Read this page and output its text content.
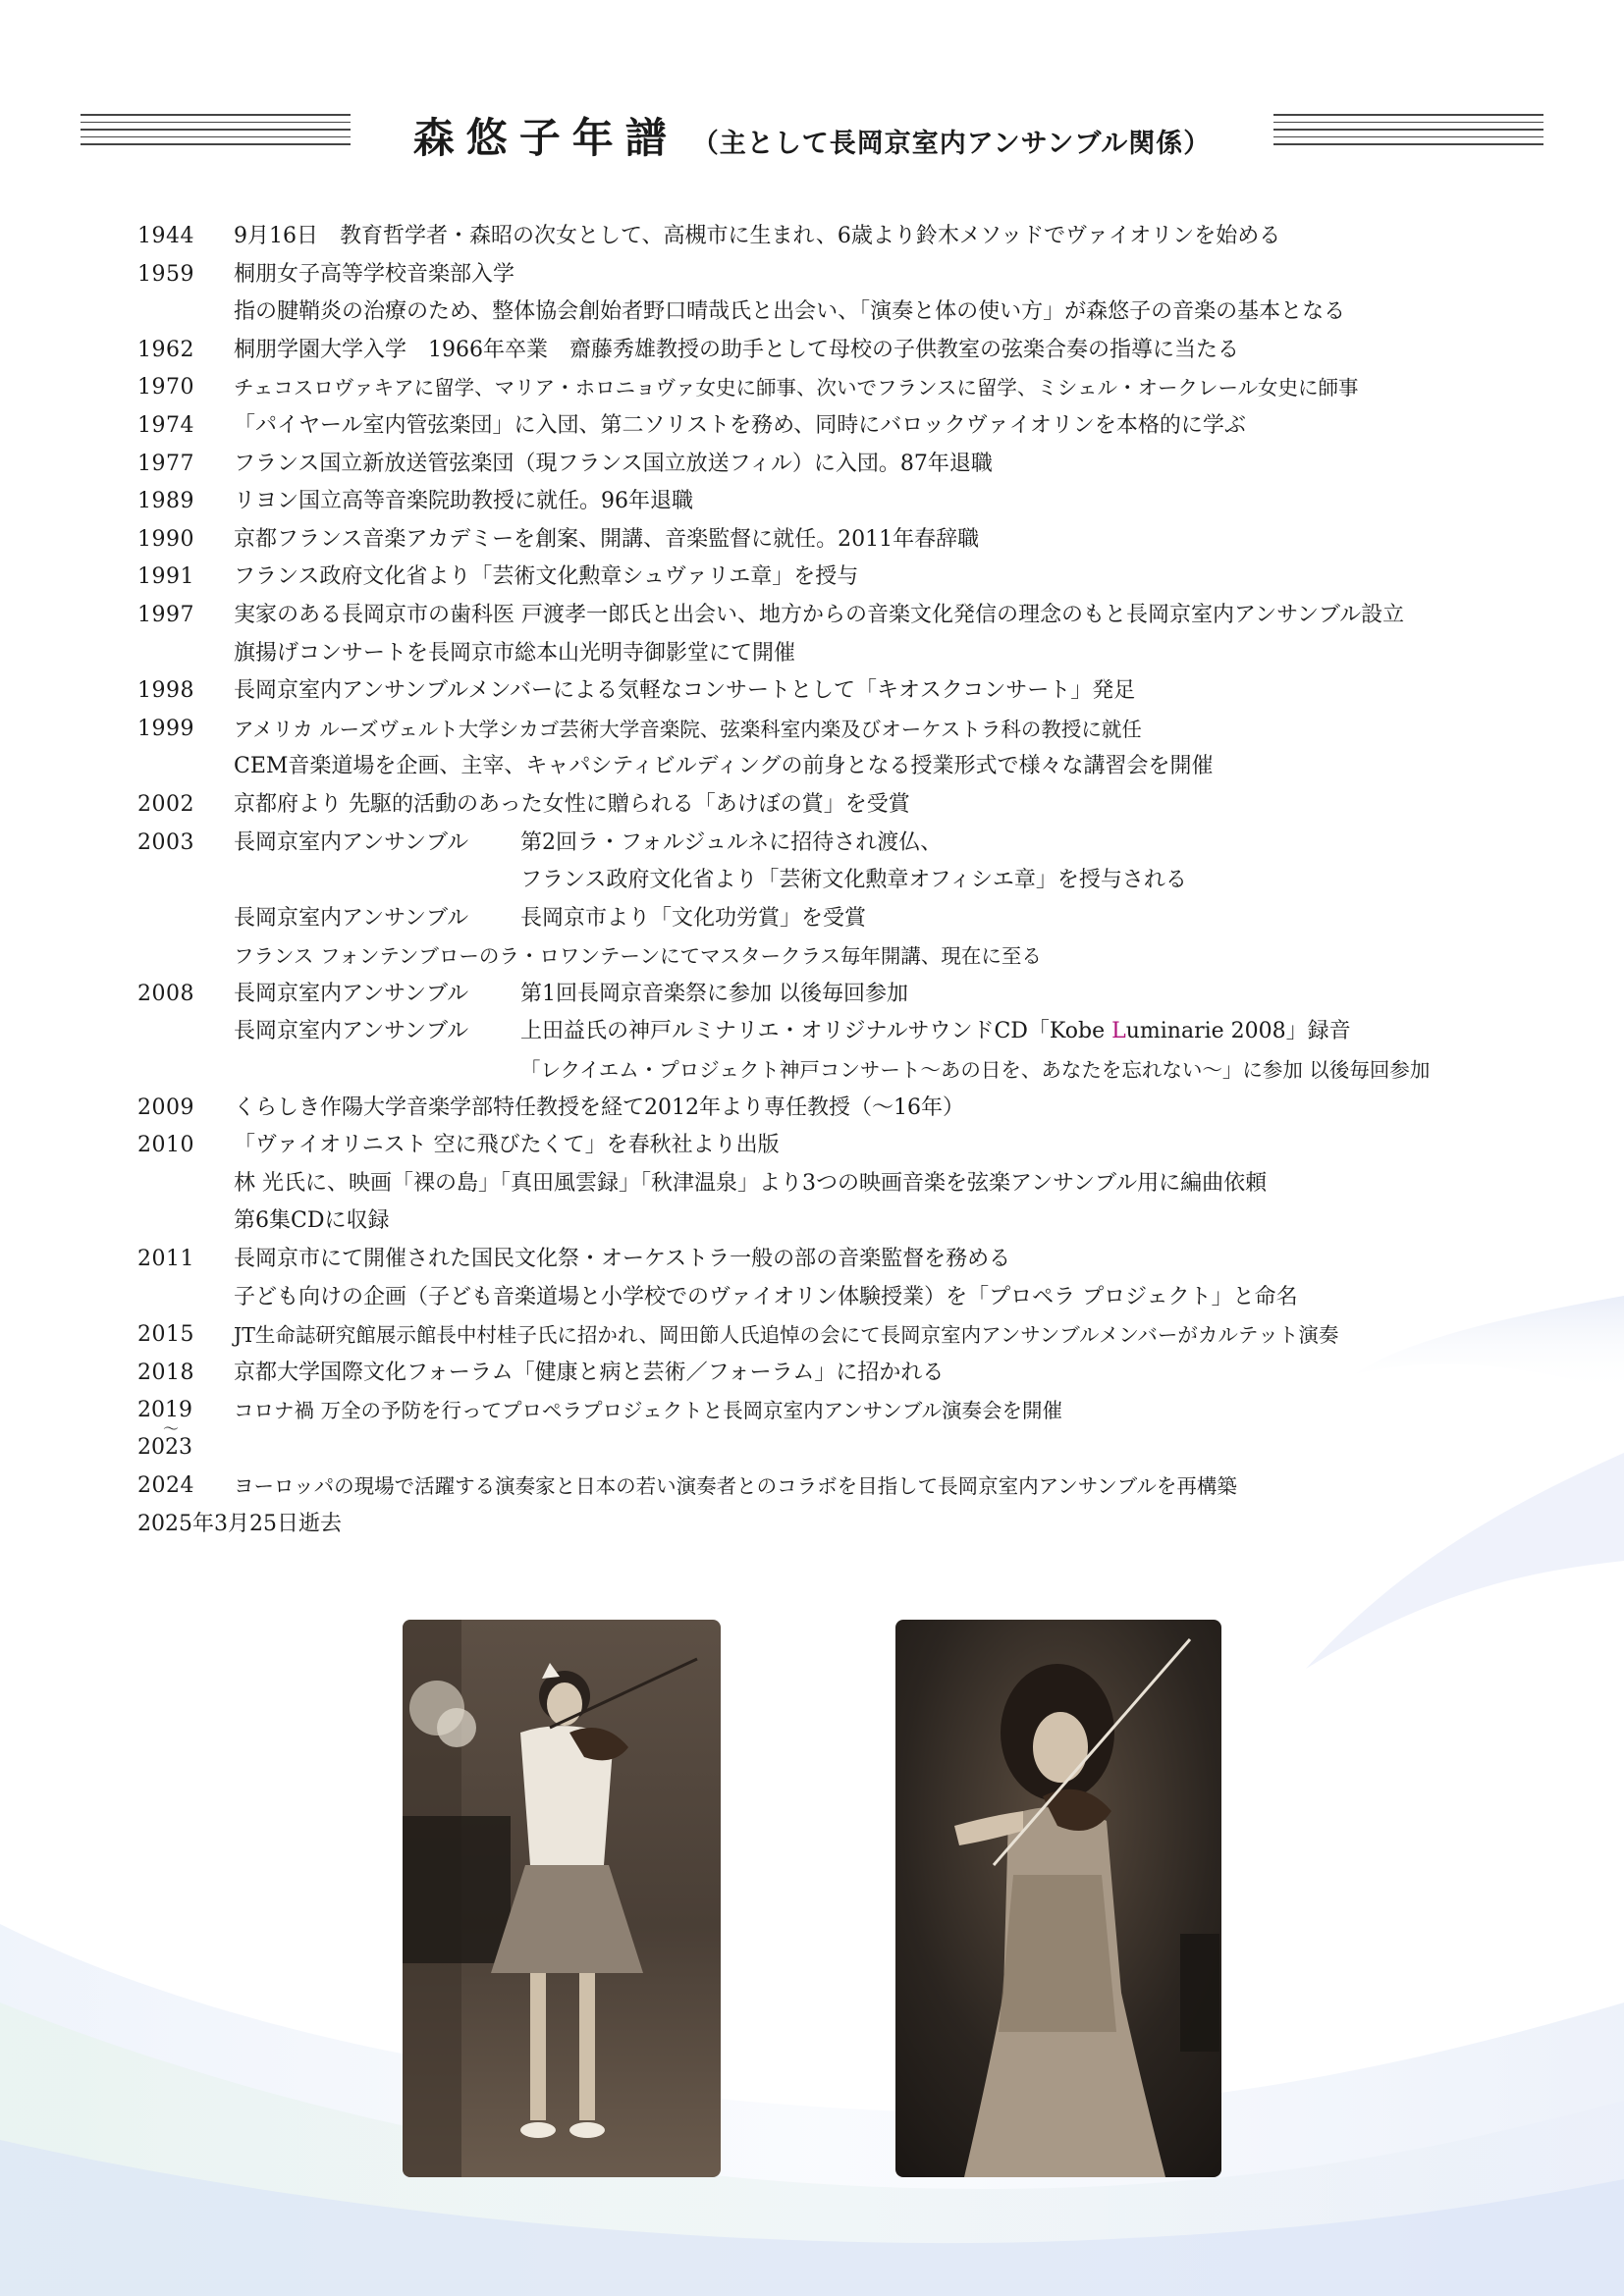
森悠子年譜 （主として長岡京室内アンサンブル関係）
1944 9月16日　教育哲学者・森昭の次女として、高槻市に生まれ、6歳より鈴木メソッドでヴァイオリンを始める
1959 桐朋女子高等学校音楽部入学
指の腱鞘炎の治療のため、整体協会創始者野口晴哉氏と出会い、「演奏と体の使い方」が森悠子の音楽の基本となる
1962 桐朋学園大学入学　1966年卒業　齋藤秀雄教授の助手として母校の子供教室の弦楽合奏の指導に当たる
1970 チェコスロヴァキアに留学、マリア・ホロニョヴァ女史に師事、次いでフランスに留学、ミシェル・オークレール女史に師事
1974 「パイヤール室内管弦楽団」に入団、第二ソリストを務め、同時にバロックヴァイオリンを本格的に学ぶ
1977 フランス国立新放送管弦楽団（現フランス国立放送フィル）に入団。87年退職
1989 リヨン国立高等音楽院助教授に就任。96年退職
1990 京都フランス音楽アカデミーを創案、開講、音楽監督に就任。2011年春辞職
1991 フランス政府文化省より「芸術文化勲章シュヴァリエ章」を授与
1997 実家のある長岡京市の歯科医 戸渡孝一郎氏と出会い、地方からの音楽文化発信の理念のもと長岡京室内アンサンブル設立
旗揚げコンサートを長岡京市総本山光明寺御影堂にて開催
1998 長岡京室内アンサンブルメンバーによる気軽なコンサートとして「キオスクコンサート」発足
1999 アメリカ ルーズヴェルト大学シカゴ芸術大学音楽院、弦楽科室内楽及びオーケストラ科の教授に就任
CEM音楽道場を企画、主宰、キャパシティビルディングの前身となる授業形式で様々な講習会を開催
2002 京都府より 先駆的活動のあった女性に贈られる「あけぼの賞」を受賞
2003 長岡京室内アンサンブル 第2回ラ・フォルジュルネに招待され渡仏、
フランス政府文化省より「芸術文化勲章オフィシエ章」を授与される
長岡京室内アンサンブル 長岡京市より「文化功労賞」を受賞
フランス フォンテンブローのラ・ロワンテーンにてマスタークラス毎年開講、現在に至る
2008 長岡京室内アンサンブル 第1回長岡京音楽祭に参加 以後毎回参加
長岡京室内アンサンブル 上田益氏の神戸ルミナリエ・オリジナルサウンドCD「Kobe Luminarie 2008」録音
「レクイエム・プロジェクト神戸コンサート〜あの日を、あなたを忘れない〜」に参加 以後毎回参加
2009 くらしき作陽大学音楽学部特任教授を経て2012年より専任教授（〜16年）
2010 「ヴァイオリニスト 空に飛びたくて」を春秋社より出版
林 光氏に、映画「裸の島」「真田風雲録」「秋津温泉」より3つの映画音楽を弦楽アンサンブル用に編曲依頼
第6集CDに収録
2011 長岡京市にて開催された国民文化祭・オーケストラ一般の部の音楽監督を務める
子ども向けの企画（子ども音楽道場と小学校でのヴァイオリン体験授業）を「プロペラ プロジェクト」と命名
2015 JT生命誌研究館展示館長中村桂子氏に招かれ、岡田節人氏追悼の会にて長岡京室内アンサンブルメンバーがカルテット演奏
2018 京都大学国際文化フォーラム「健康と病と芸術／フォーラム」に招かれる
2019
〜
2023
コロナ禍 万全の予防を行ってプロペラプロジェクトと長岡京室内アンサンブル演奏会を開催
2024 ヨーロッパの現場で活躍する演奏家と日本の若い演奏者とのコラボを目指して長岡京室内アンサンブルを再構築
2025年3月25日逝去
